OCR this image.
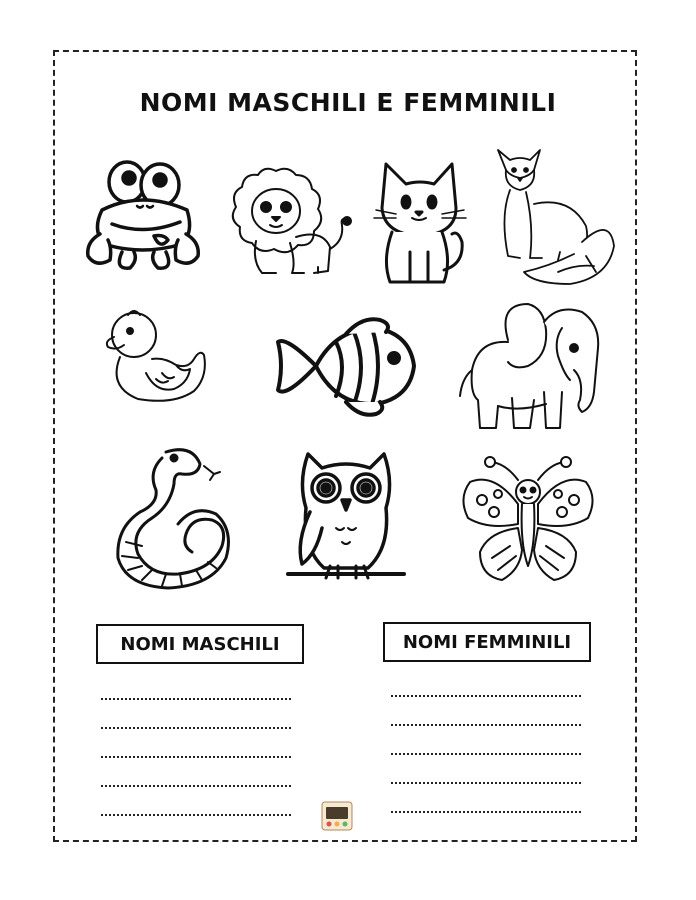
NOMI MASCHILI E FEMMINILI
NOMI MASCHILI	NOMI FEMMINILI
